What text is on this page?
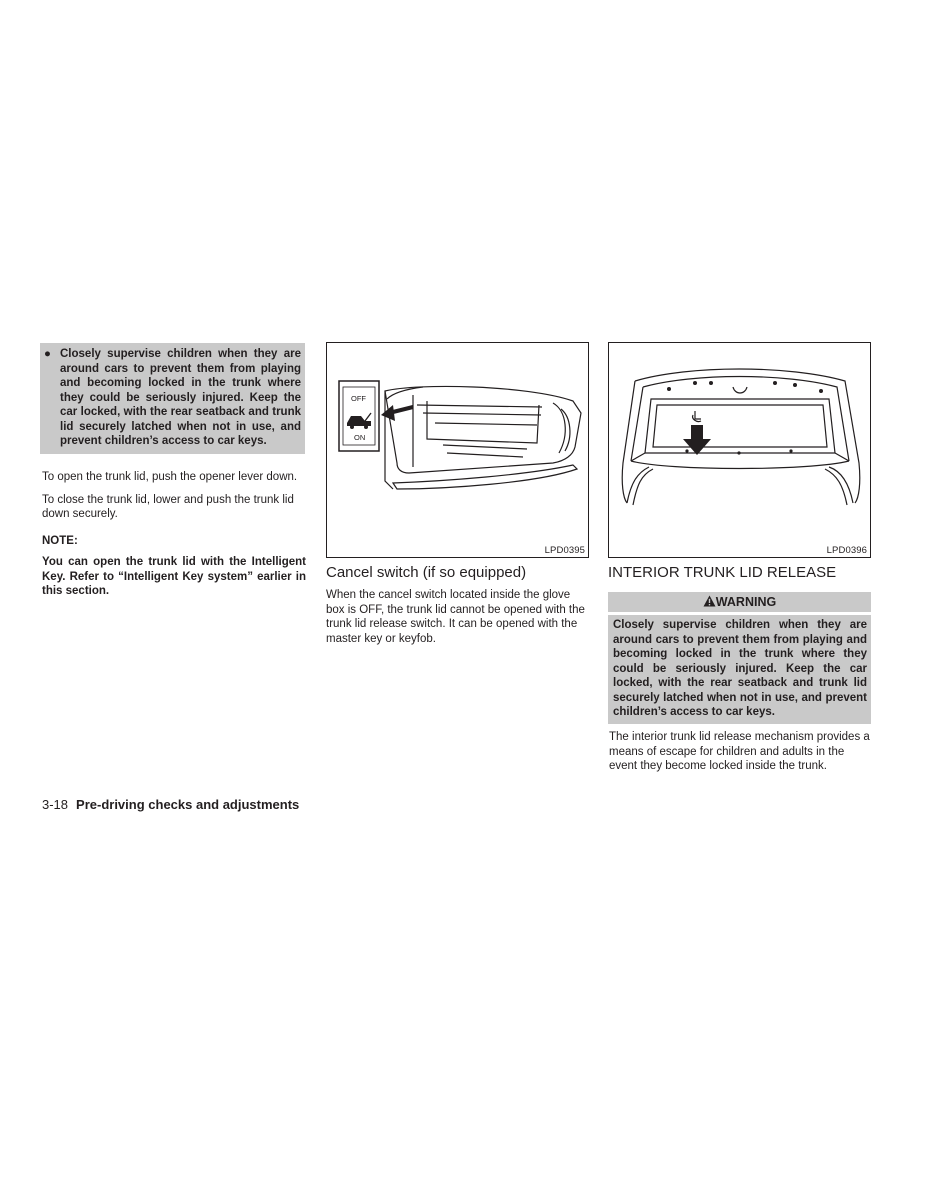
● Closely supervise children when they are around cars to prevent them from playing and becoming locked in the trunk where they could be seriously injured. Keep the car locked, with the rear seatback and trunk lid securely latched when not in use, and prevent children’s access to car keys.

To open the trunk lid, push the opener lever down.

To close the trunk lid, lower and push the trunk lid down securely.

NOTE:

You can open the trunk lid with the Intelligent Key. Refer to “Intelligent Key system” earlier in this section.

OFF
ON
LPD0395
Cancel switch (if so equipped)

When the cancel switch located inside the glove box is OFF, the trunk lid cannot be opened with the trunk lid release switch. It can be opened with the master key or keyfob.

LPD0396
INTERIOR TRUNK LID RELEASE
WARNING
Closely supervise children when they are around cars to prevent them from playing and becoming locked in the trunk where they could be seriously injured. Keep the car locked, with the rear seatback and trunk lid securely latched when not in use, and prevent children’s access to car keys.

The interior trunk lid release mechanism provides a means of escape for children and adults in the event they become locked inside the trunk.

3-18 Pre-driving checks and adjustments
